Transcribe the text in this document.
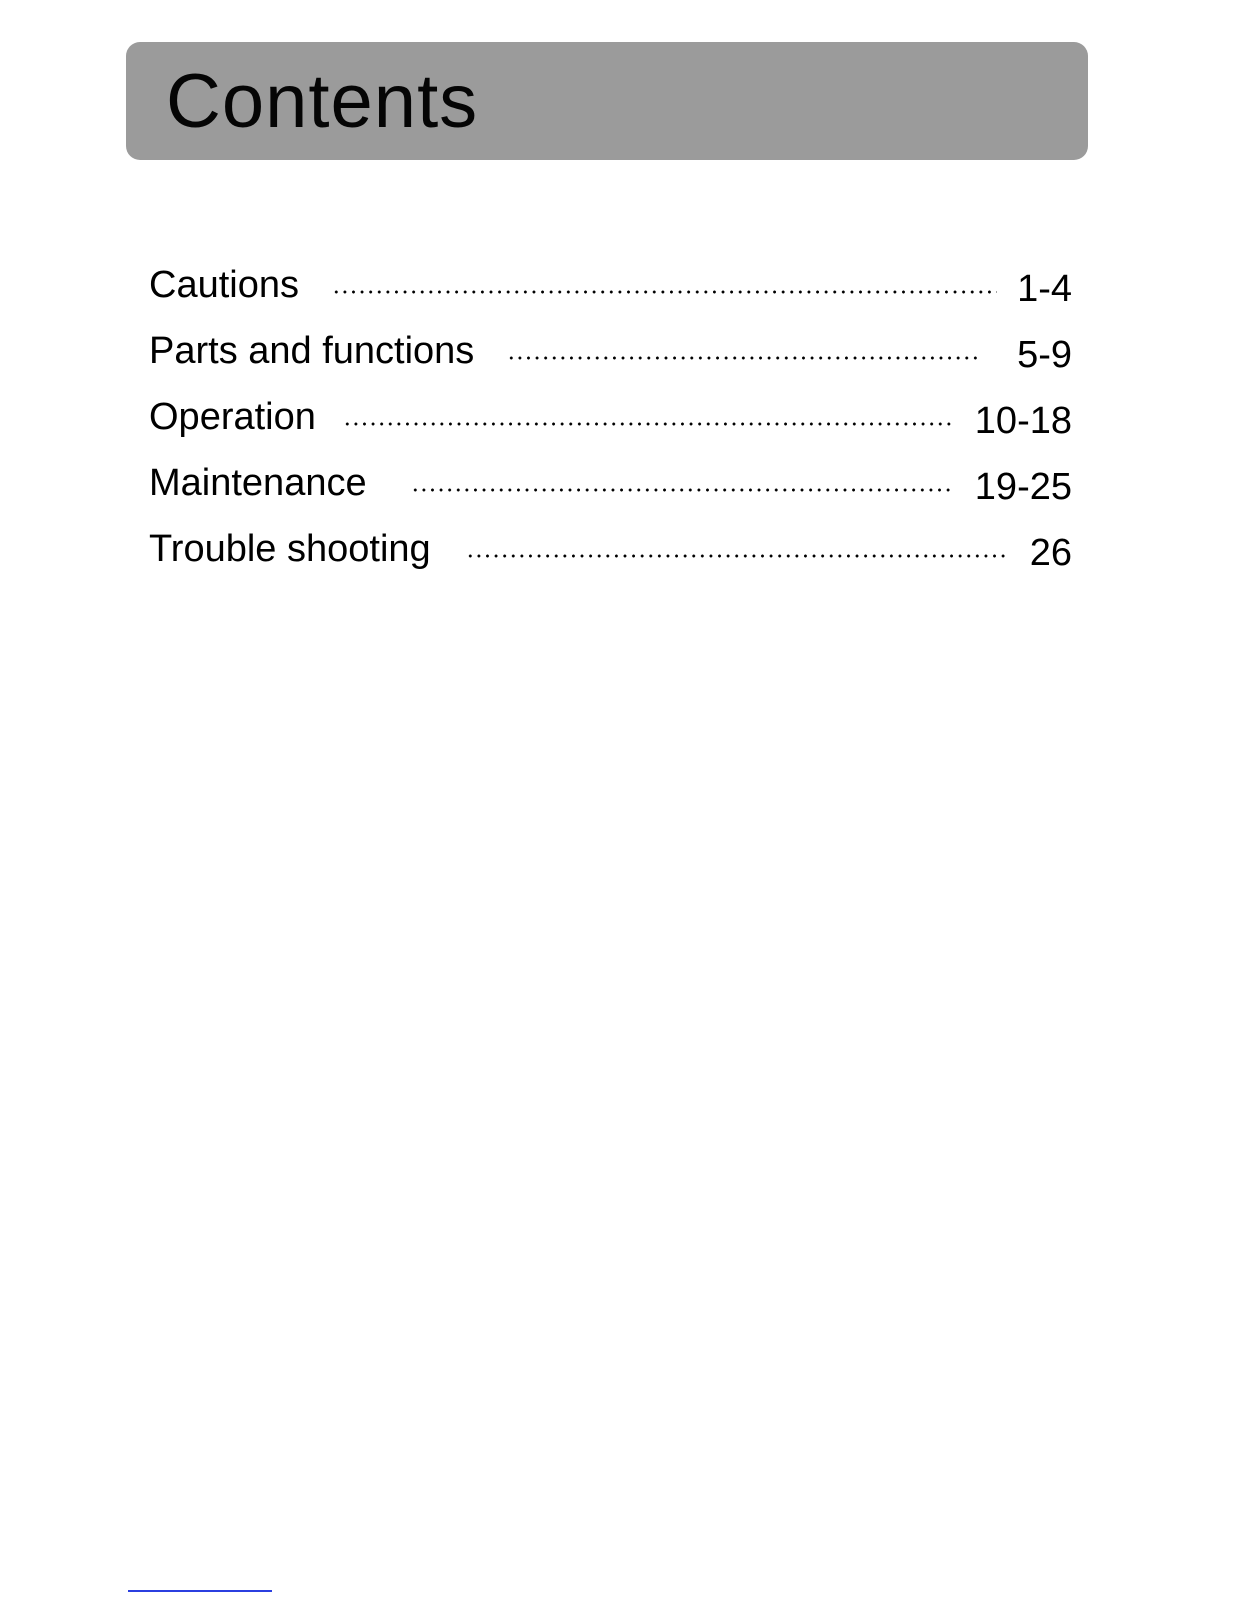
Contents
Cautions	1-4
Parts and functions	5-9
Operation	10-18
Maintenance	19-25
Trouble shooting	26
